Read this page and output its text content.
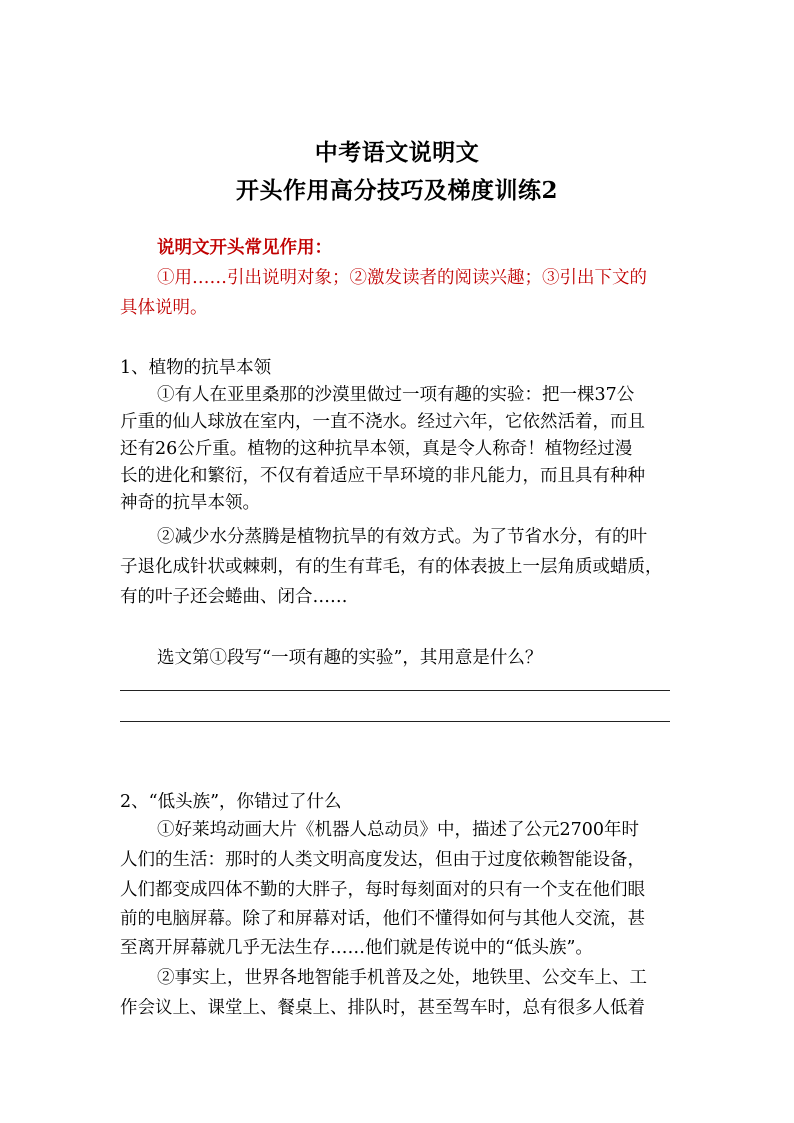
中考语文说明文
开头作用高分技巧及梯度训练2
说明文开头常见作用：
①用……引出说明对象；②激发读者的阅读兴趣；③引出下文的
具体说明。
1、植物的抗旱本领
①有人在亚里桑那的沙漠里做过一项有趣的实验：把一棵37公
斤重的仙人球放在室内，一直不浇水。经过六年，它依然活着，而且
还有26公斤重。植物的这种抗旱本领，真是令人称奇！植物经过漫
长的进化和繁衍，不仅有着适应干旱环境的非凡能力，而且具有种种
神奇的抗旱本领。
②减少水分蒸腾是植物抗旱的有效方式。为了节省水分，有的叶
子退化成针状或棘刺，有的生有茸毛，有的体表披上一层角质或蜡质，
有的叶子还会蜷曲、闭合……
选文第①段写“一项有趣的实验”，其用意是什么？
2、“低头族”，你错过了什么
①好莱坞动画大片《机器人总动员》中，描述了公元2700年时
人们的生活：那时的人类文明高度发达，但由于过度依赖智能设备，
人们都变成四体不勤的大胖子，每时每刻面对的只有一个支在他们眼
前的电脑屏幕。除了和屏幕对话，他们不懂得如何与其他人交流，甚
至离开屏幕就几乎无法生存……他们就是传说中的“低头族”。
②事实上，世界各地智能手机普及之处，地铁里、公交车上、工
作会议上、课堂上、餐桌上、排队时，甚至驾车时，总有很多人低着
